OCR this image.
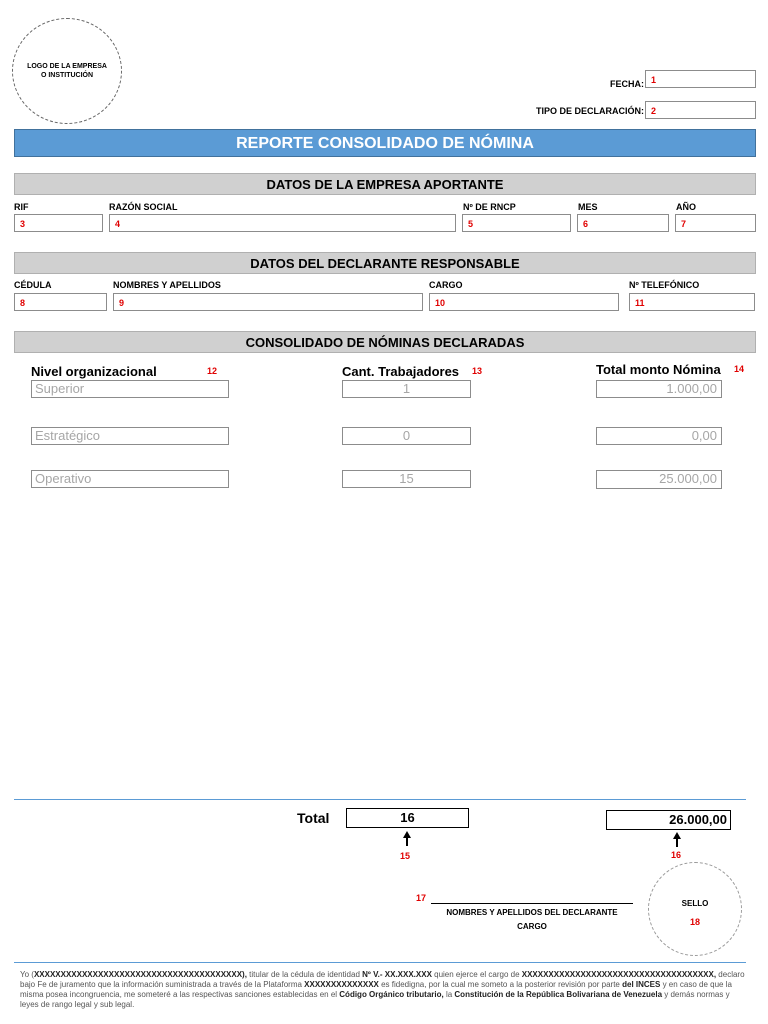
LOGO DE LA EMPRESA
O INSTITUCIÓN
FECHA: 1
TIPO DE DECLARACIÓN: 2
REPORTE CONSOLIDADO DE NÓMINA
DATOS DE LA EMPRESA APORTANTE
RIF	RAZÓN SOCIAL	Nº DE RNCP	MES	AÑO
3	4	5	6	7
DATOS DEL DECLARANTE RESPONSABLE
CÉDULA	NOMBRES Y APELLIDOS	CARGO	Nº TELEFÓNICO
8	9	10	11
CONSOLIDADO DE NÓMINAS DECLARADAS
Nivel organizacional	12	Cant. Trabajadores 13	Total monto Nómina 14
Superior	1	1.000,00
Estratégico	0	0,00
Operativo	15	25.000,00
Total	16	26.000,00
15	16
17
NOMBRES Y APELLIDOS DEL DECLARANTE
CARGO
SELLO
18
Yo (XXXXXXXXXXXXXXXXXXXXXXXXXXXXXXXXXXXXXXX), titular de la cédula de identidad Nº V.- XX.XXX.XXX quien ejerce el cargo de XXXXXXXXXXXXXXXXXXXXXXXXXXXXXXXXXXXX, declaro bajo Fe de juramento que la información suministrada a través de la Plataforma XXXXXXXXXXXXXX es fidedigna, por la cual me someto a la posterior revisión por parte del INCES y en caso de que la misma posea incongruencia, me someteré a las respectivas sanciones establecidas en el Código Orgánico tributario, la Constitución de la República Bolivariana de Venezuela y demás normas y leyes de rango legal y sub legal.
